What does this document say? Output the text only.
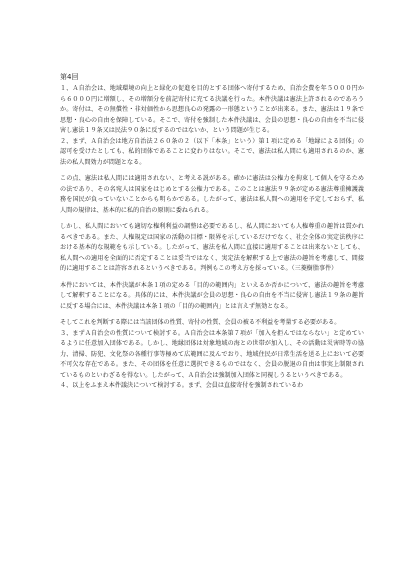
第4回

１、Ａ自治会は、地域環境の向上と緑化の促進を目的とする団体へ寄付するため、自治会費を年５０００円から６０００円に増額し、その増額分を前記寄付に充てる決議を行った。本件決議は憲法上許されるのであろうか。寄付は、その無償性・非対価性から思想良心の発露の一形態ということが出来る。また、憲法は１９条で思想・良心の自由を保障している。そこで、寄付を強制した本件決議は、会員の思想・良心の自由を不当に侵害し憲法１９条又は民法９０条に反するのではないか、という問題が生じる。

２、まず、Ａ自治会は地方自治法２６０条の２（以下「本条」という）第１項に定める「地縁による団体」の認可を受けたとしても、私的団体であることに変わりはない。そこで、憲法は私人間にも適用されるのか、憲法の私人間効力が問題となる。

この点、憲法は私人間には適用されない、と考える説がある。確かに憲法は公権力を拘束して個人を守るための法であり、その名宛人は国家をはじめとする公権力である。このことは憲法９９条が定める憲法尊重擁護義務を国民が負っていないことからも明らかである。したがって、憲法は私人間への適用を予定しておらず、私人間の規律は、基本的に私的自治の原則に委ねられる。

しかし、私人間においても適切な権利利益の調整は必要であるし、私人間においても人権尊重の趣旨は貫かれるべきである。また、人権規定は国家の活動の目標・限界を示しているだけでなく、社会全体の実定法秩序における基本的な規範をも示している。したがって、憲法を私人間に直接に適用することは出来ないとしても、私人間への適用を全面的に否定することは妥当ではなく、実定法を解釈する上で憲法の趣旨を考慮して、間接的に適用することは許容されるというべきである。判例もこの考え方を採っている。（三菱樹脂事件）

本件においては、本件決議が本条１項の定める「目的の範囲内」といえるか否かについて、憲法の趣旨を考慮して解釈することになる。具体的には、本件決議が会員の思想・良心の自由を不当に侵害し憲法１９条の趣旨に反する場合には、本件決議は本条１項の「目的の範囲内」とは言えず無効となる。

そしてこれを判断する際には当該団体の性質、寄付の性質、会員の被る不利益を考量する必要がある。

３、まずＡ自治会の性質について検討する。Ａ自治会は本条第７項が「加入を拒んではならない」と定めているように任意加入団体である。しかし、地縁団体は対象地域の海との世帯が加入し、その活動は災害時等の協力、清掃、防犯、文化祭の各種行事等極めて広範囲に及んでおり、地域住民が日常生活を送る上において必要不可欠な存在である。また、その団体を任意に選択できるものではなく、会員の脱退の自由は事実上制限されているものといわざるを得ない。したがって、Ａ自治会は強制加入団体と同視しうるというべきである。

４、以上をふまえ本件議決について検討する。まず、会員は直接寄付を強制されているわ
